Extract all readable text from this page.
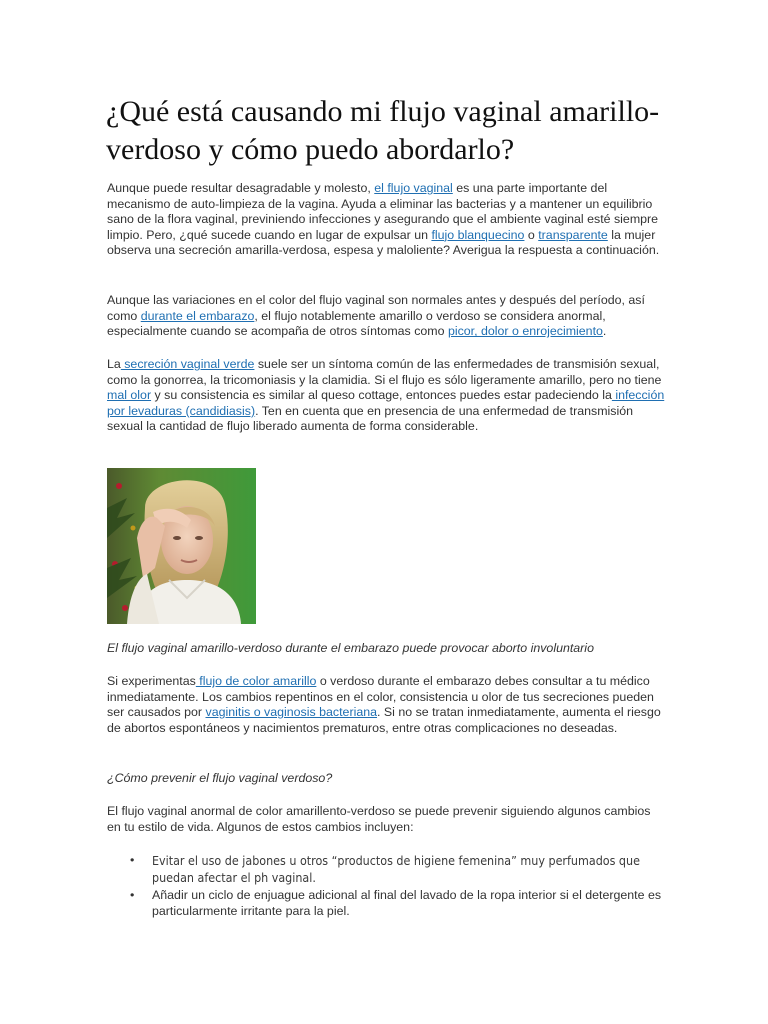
¿Qué está causando mi flujo vaginal amarillo-verdoso y cómo puedo abordarlo?

Aunque puede resultar desagradable y molesto, el flujo vaginal es una parte importante del mecanismo de auto-limpieza de la vagina. Ayuda a eliminar las bacterias y a mantener un equilibrio sano de la flora vaginal, previniendo infecciones y asegurando que el ambiente vaginal esté siempre limpio. Pero, ¿qué sucede cuando en lugar de expulsar un flujo blanquecino o transparente la mujer observa una secreción amarilla-verdosa, espesa y maloliente? Averigua la respuesta a continuación.

Aunque las variaciones en el color del flujo vaginal son normales antes y después del período, así como durante el embarazo, el flujo notablemente amarillo o verdoso se considera anormal, especialmente cuando se acompaña de otros síntomas como picor, dolor o enrojecimiento.

La secreción vaginal verde suele ser un síntoma común de las enfermedades de transmisión sexual, como la gonorrea, la tricomoniasis y la clamidia. Si el flujo es sólo ligeramente amarillo, pero no tiene mal olor y su consistencia es similar al queso cottage, entonces puedes estar padeciendo la infección por levaduras (candidiasis). Ten en cuenta que en presencia de una enfermedad de transmisión sexual la cantidad de flujo liberado aumenta de forma considerable.

El flujo vaginal amarillo-verdoso durante el embarazo puede provocar aborto involuntario

Si experimentas flujo de color amarillo o verdoso durante el embarazo debes consultar a tu médico inmediatamente. Los cambios repentinos en el color, consistencia u olor de tus secreciones pueden ser causados por vaginitis o vaginosis bacteriana. Si no se tratan inmediatamente, aumenta el riesgo de abortos espontáneos y nacimientos prematuros, entre otras complicaciones no deseadas.

¿Cómo prevenir el flujo vaginal verdoso?

El flujo vaginal anormal de color amarillento-verdoso se puede prevenir siguiendo algunos cambios en tu estilo de vida. Algunos de estos cambios incluyen:

• Evitar el uso de jabones u otros “productos de higiene femenina” muy perfumados que puedan afectar el ph vaginal.
• Añadir un ciclo de enjuague adicional al final del lavado de la ropa interior si el detergente es particularmente irritante para la piel.
